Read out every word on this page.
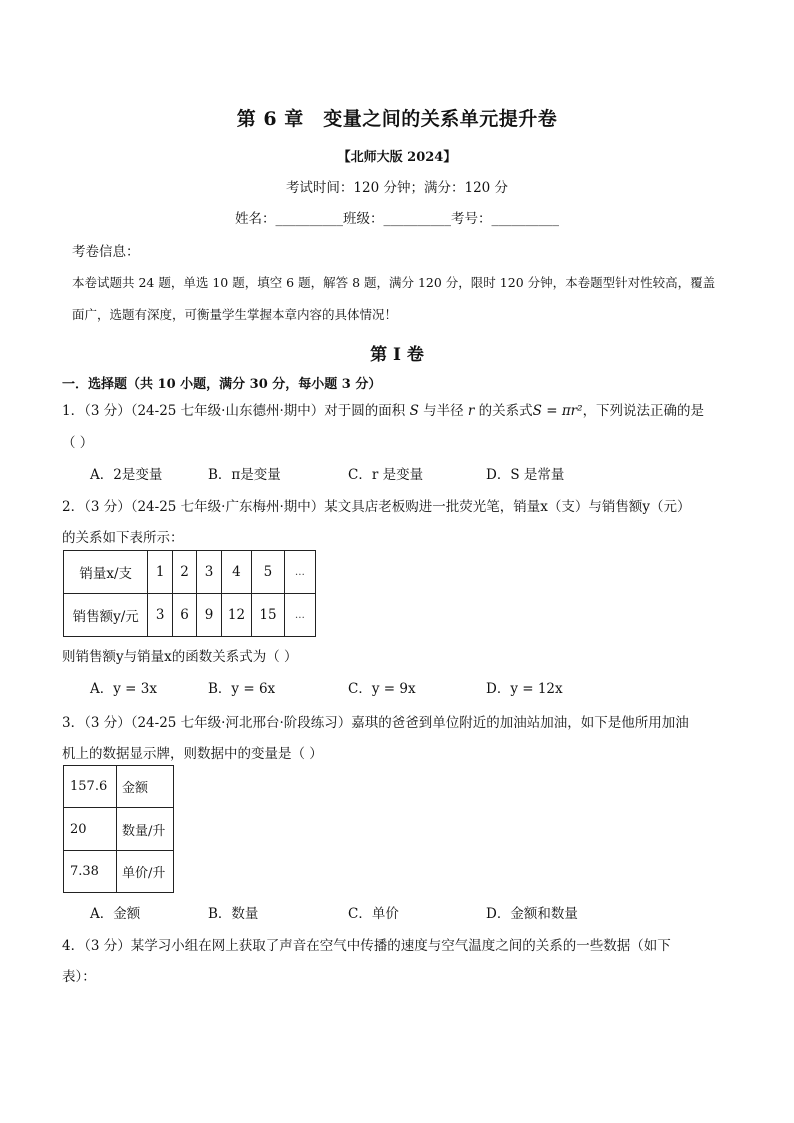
第 6 章　变量之间的关系单元提升卷
【北师大版 2024】
考试时间：120 分钟；满分：120 分
姓名：__________班级：__________考号：__________
考卷信息：
本卷试题共 24 题，单选 10 题，填空 6 题，解答 8 题，满分 120 分，限时 120 分钟，本卷题型针对性较高，覆盖
面广，选题有深度，可衡量学生掌握本章内容的具体情况！
第 I 卷
一．选择题（共 10 小题，满分 30 分，每小题 3 分）
1．（3 分）（24-25 七年级·山东德州·期中）对于圆的面积 S 与半径 r 的关系式S = πr²，下列说法正确的是
（ ）
A．2是变量	B．π是变量	C．r 是变量	D．S 是常量
2．（3 分）（24-25 七年级·广东梅州·期中）某文具店老板购进一批荧光笔，销量x（支）与销售额y（元）
的关系如下表所示：
销量x/支	1	2	3	4	5	…
销售额y/元	3	6	9	12	15	…
则销售额y与销量x的函数关系式为（ ）
A．y = 3x	B．y = 6x	C．y = 9x	D．y = 12x
3．（3 分）（24-25 七年级·河北邢台·阶段练习）嘉琪的爸爸到单位附近的加油站加油，如下是他所用加油
机上的数据显示牌，则数据中的变量是（ ）
157.6	金额
20	数量/升
7.38	单价/升
A．金额	B．数量	C．单价	D．金额和数量
4．（3 分）某学习小组在网上获取了声音在空气中传播的速度与空气温度之间的关系的一些数据（如下
表）：
